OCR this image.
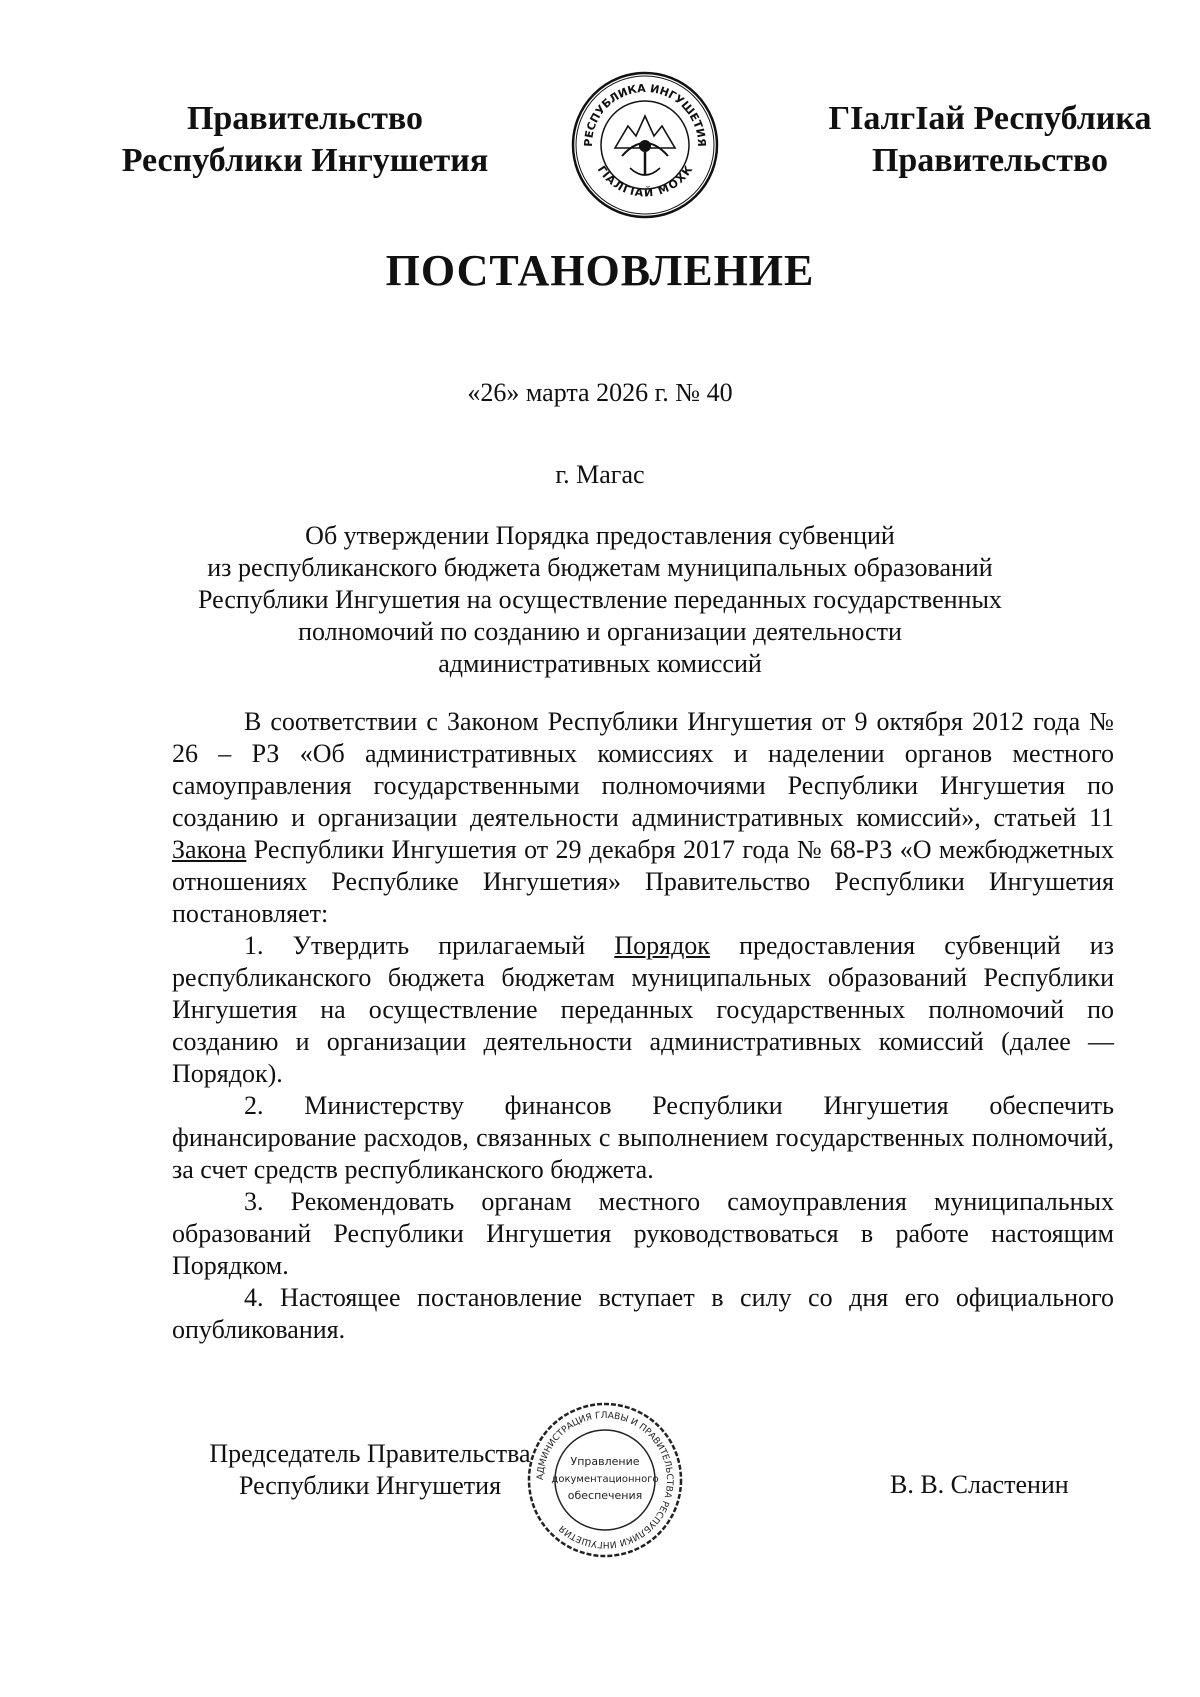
Правительство
Республики Ингушетия	РЕСПУБЛИКА ИНГУШЕТИЯ
ГIАЛГIАЙ МОХК
ГIалгIай Республика
Правительство
ПОСТАНОВЛЕНИЕ
«26» марта 2026 г. № 40
г. Магас
Об утверждении Порядка предоставления субвенций
из республиканского бюджета бюджетам муниципальных образований
Республики Ингушетия на осуществление переданных государственных
полномочий по созданию и организации деятельности
административных комиссий

В соответствии с Законом Республики Ингушетия от 9 октября 2012 года № 26 – РЗ «Об административных комиссиях и наделении органов местного самоуправления государственными полномочиями Республики Ингушетия по созданию и организации деятельности административных комиссий», статьей 11 Закона Республики Ингушетия от 29 декабря 2017 года № 68-РЗ «О межбюджетных отношениях Республике Ингушетия» Правительство Республики Ингушетия постановляет:

1. Утвердить прилагаемый Порядок предоставления субвенций из республиканского бюджета бюджетам муниципальных образований Республики Ингушетия на осуществление переданных государственных полномочий по созданию и организации деятельности административных комиссий (далее — Порядок).

2. Министерству финансов Республики Ингушетия обеспечить финансирование расходов, связанных с выполнением государственных полномочий, за счет средств республиканского бюджета.

3. Рекомендовать органам местного самоуправления муниципальных образований Республики Ингушетия руководствоваться в работе настоящим Порядком.

4. Настоящее постановление вступает в силу со дня его официального опубликования.

Председатель Правительства
Республики Ингушетия	АДМИНИСТРАЦИЯ ГЛАВЫ И ПРАВИТЕЛЬСТВА РЕСПУБЛИКИ ИНГУШЕТИЯ
Управление
документационного
обеспечения	В. В. Сластенин
